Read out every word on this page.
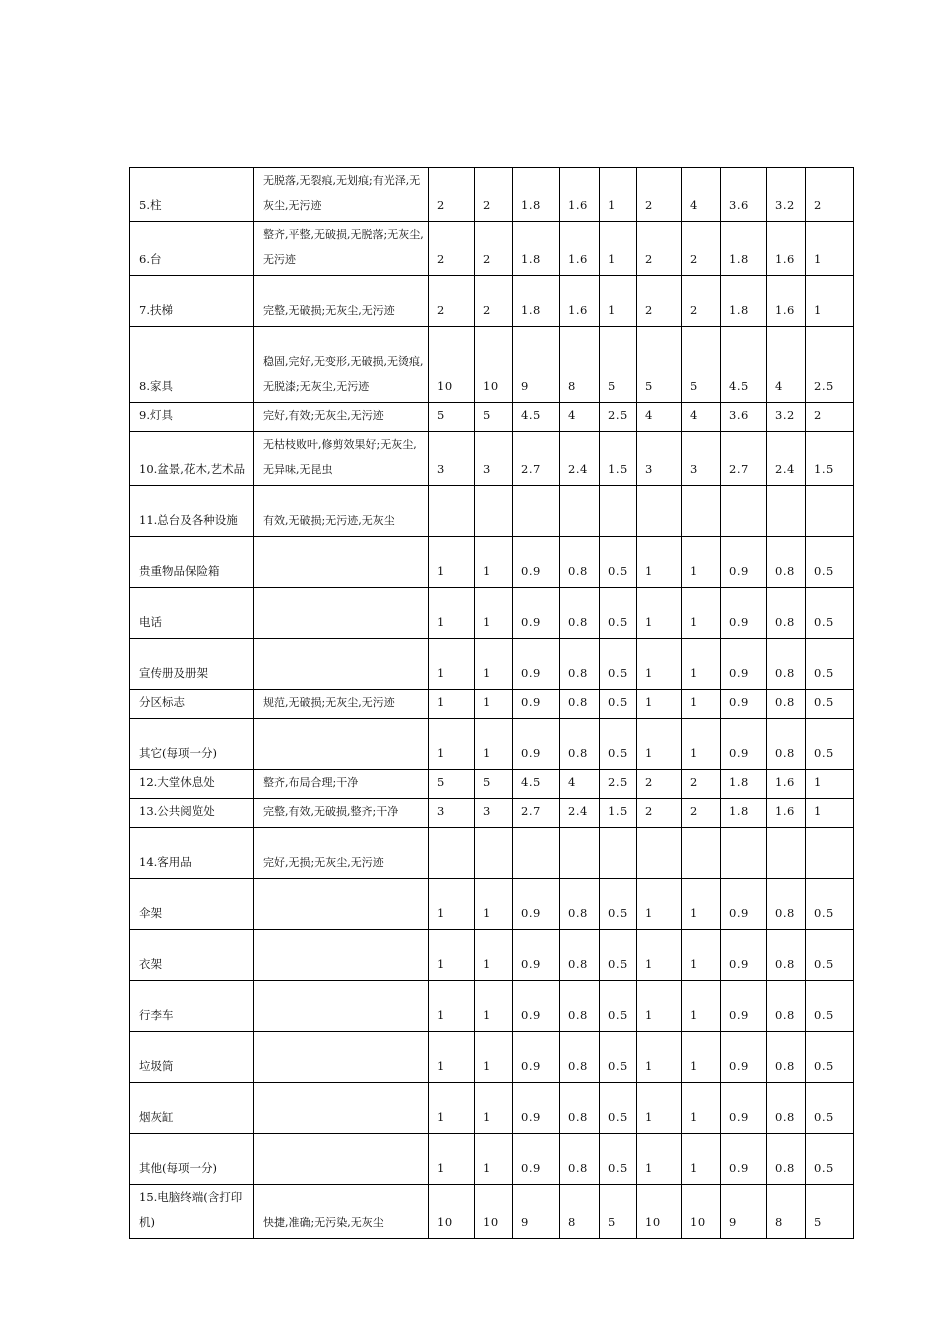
5.柱	无脱落,无裂痕,无划痕;有光泽,无灰尘,无污迹	2	2	1.8	1.6	1	2	4	3.6	3.2	2
6.台	整齐,平整,无破损,无脱落;无灰尘,无污迹	2	2	1.8	1.6	1	2	2	1.8	1.6	1
7.扶梯	完整,无破损;无灰尘,无污迹	2	2	1.8	1.6	1	2	2	1.8	1.6	1
8.家具	稳固,完好,无变形,无破损,无烫痕,无脱漆;无灰尘,无污迹	10	10	9	8	5	5	5	4.5	4	2.5
9.灯具	完好,有效;无灰尘,无污迹	5	5	4.5	4	2.5	4	4	3.6	3.2	2
10.盆景,花木,艺术品	无枯枝败叶,修剪效果好;无灰尘,无异味,无昆虫	3	3	2.7	2.4	1.5	3	3	2.7	2.4	1.5
11.总台及各种设施	有效,无破损;无污迹,无灰尘										
贵重物品保险箱		1	1	0.9	0.8	0.5	1	1	0.9	0.8	0.5
电话		1	1	0.9	0.8	0.5	1	1	0.9	0.8	0.5
宣传册及册架		1	1	0.9	0.8	0.5	1	1	0.9	0.8	0.5
分区标志	规范,无破损;无灰尘,无污迹	1	1	0.9	0.8	0.5	1	1	0.9	0.8	0.5
其它(每项一分)		1	1	0.9	0.8	0.5	1	1	0.9	0.8	0.5
12.大堂休息处	整齐,布局合理;干净	5	5	4.5	4	2.5	2	2	1.8	1.6	1
13.公共阅览处	完整,有效,无破损,整齐;干净	3	3	2.7	2.4	1.5	2	2	1.8	1.6	1
14.客用品	完好,无损;无灰尘,无污迹										
伞架		1	1	0.9	0.8	0.5	1	1	0.9	0.8	0.5
衣架		1	1	0.9	0.8	0.5	1	1	0.9	0.8	0.5
行李车		1	1	0.9	0.8	0.5	1	1	0.9	0.8	0.5
垃圾筒		1	1	0.9	0.8	0.5	1	1	0.9	0.8	0.5
烟灰缸		1	1	0.9	0.8	0.5	1	1	0.9	0.8	0.5
其他(每项一分)		1	1	0.9	0.8	0.5	1	1	0.9	0.8	0.5
15.电脑终端(含打印机)	快捷,准确;无污染,无灰尘	10	10	9	8	5	10	10	9	8	5
